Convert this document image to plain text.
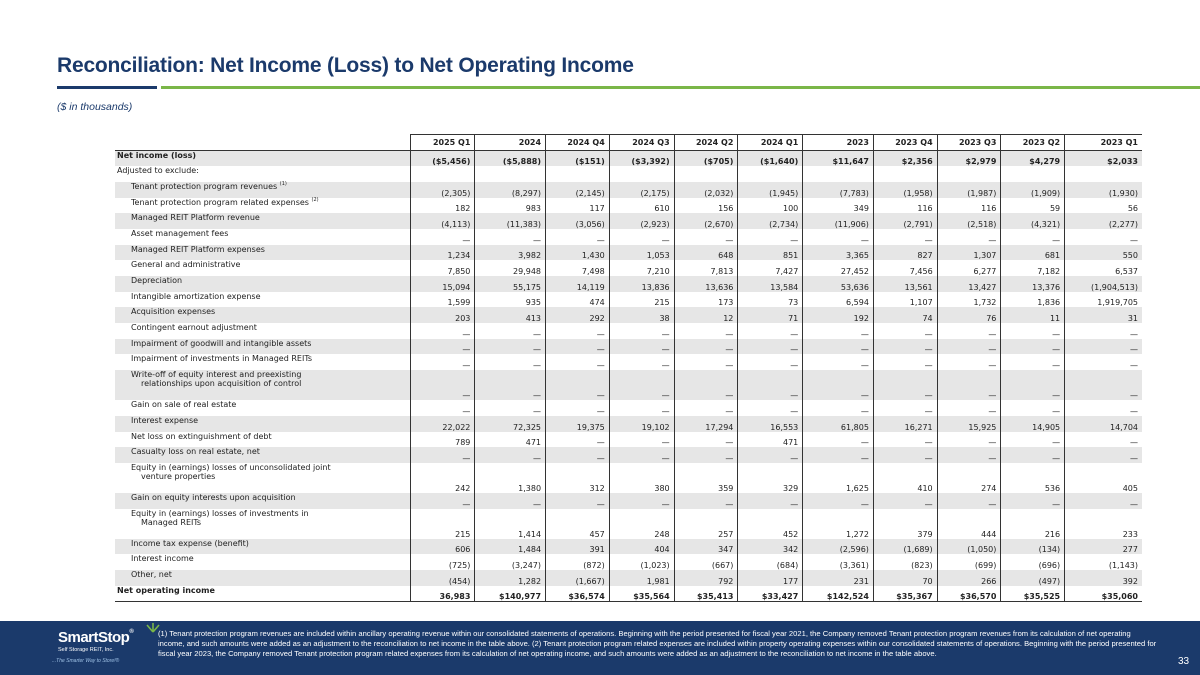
Reconciliation: Net Income (Loss) to Net Operating Income
($ in thousands)
	2025 Q1	2024	2024 Q4	2024 Q3	2024 Q2	2024 Q1	2023	2023 Q4	2023 Q3	2023 Q2	2023 Q1
Net income (loss)	($5,456)	($5,888)	($151)	($3,392)	($705)	($1,640)	$11,647	$2,356	$2,979	$4,279	$2,033
Adjusted to exclude:											
Tenant protection program revenues $^{(1)}$	(2,305)	(8,297)	(2,145)	(2,175)	(2,032)	(1,945)	(7,783)	(1,958)	(1,987)	(1,909)	(1,930)
Tenant protection program related expenses $^{(2)}$	182	983	117	610	156	100	349	116	116	59	56
Managed REIT Platform revenue	(4,113)	(11,383)	(3,056)	(2,923)	(2,670)	(2,734)	(11,906)	(2,791)	(2,518)	(4,321)	(2,277)
Asset management fees	—	—	—	—	—	—	—	—	—	—	—
Managed REIT Platform expenses	1,234	3,982	1,430	1,053	648	851	3,365	827	1,307	681	550
General and administrative	7,850	29,948	7,498	7,210	7,813	7,427	27,452	7,456	6,277	7,182	6,537
Depreciation	15,094	55,175	14,119	13,836	13,636	13,584	53,636	13,561	13,427	13,376	(1,904,513)
Intangible amortization expense	1,599	935	474	215	173	73	6,594	1,107	1,732	1,836	1,919,705
Acquisition expenses	203	413	292	38	12	71	192	74	76	11	31
Contingent earnout adjustment	—	—	—	—	—	—	—	—	—	—	—
Impairment of goodwill and intangible assets	—	—	—	—	—	—	—	—	—	—	—
Impairment of investments in Managed REITs	—	—	—	—	—	—	—	—	—	—	—
Write-off of equity interest and preexisting
relationships upon acquisition of control	—	—	—	—	—	—	—	—	—	—	—
Gain on sale of real estate	—	—	—	—	—	—	—	—	—	—	—
Interest expense	22,022	72,325	19,375	19,102	17,294	16,553	61,805	16,271	15,925	14,905	14,704
Net loss on extinguishment of debt	789	471	—	—	—	471	—	—	—	—	—
Casualty loss on real estate, net	—	—	—	—	—	—	—	—	—	—	—
Equity in (earnings) losses of unconsolidated joint
venture properties	242	1,380	312	380	359	329	1,625	410	274	536	405
Gain on equity interests upon acquisition	—	—	—	—	—	—	—	—	—	—	—
Equity in (earnings) losses of investments in
Managed REITs	215	1,414	457	248	257	452	1,272	379	444	216	233
Income tax expense (benefit)	606	1,484	391	404	347	342	(2,596)	(1,689)	(1,050)	(134)	277
Interest income	(725)	(3,247)	(872)	(1,023)	(667)	(684)	(3,361)	(823)	(699)	(696)	(1,143)
Other, net	(454)	1,282	(1,667)	1,981	792	177	231	70	266	(497)	392
Net operating income	36,983	$140,977	$36,574	$35,564	$35,413	$33,427	$142,524	$35,367	$36,570	$35,525	$35,060
SmartStop®
Self Storage REIT, Inc.
...The Smarter Way to Store!®
(1) Tenant protection program revenues are included within ancillary operating revenue within our consolidated statements of operations. Beginning with the period presented for fiscal year 2021, the Company removed Tenant protection program revenues from its calculation of net operating income, and such amounts were added as an adjustment to the reconciliation to net income in the table above. (2) Tenant protection program related expenses are included within property operating expenses within our consolidated statements of operations. Beginning with the period presented for fiscal year 2023, the Company removed Tenant protection program related expenses from its calculation of net operating income, and such amounts were added as an adjustment to the reconciliation to net income in the table above.
33
